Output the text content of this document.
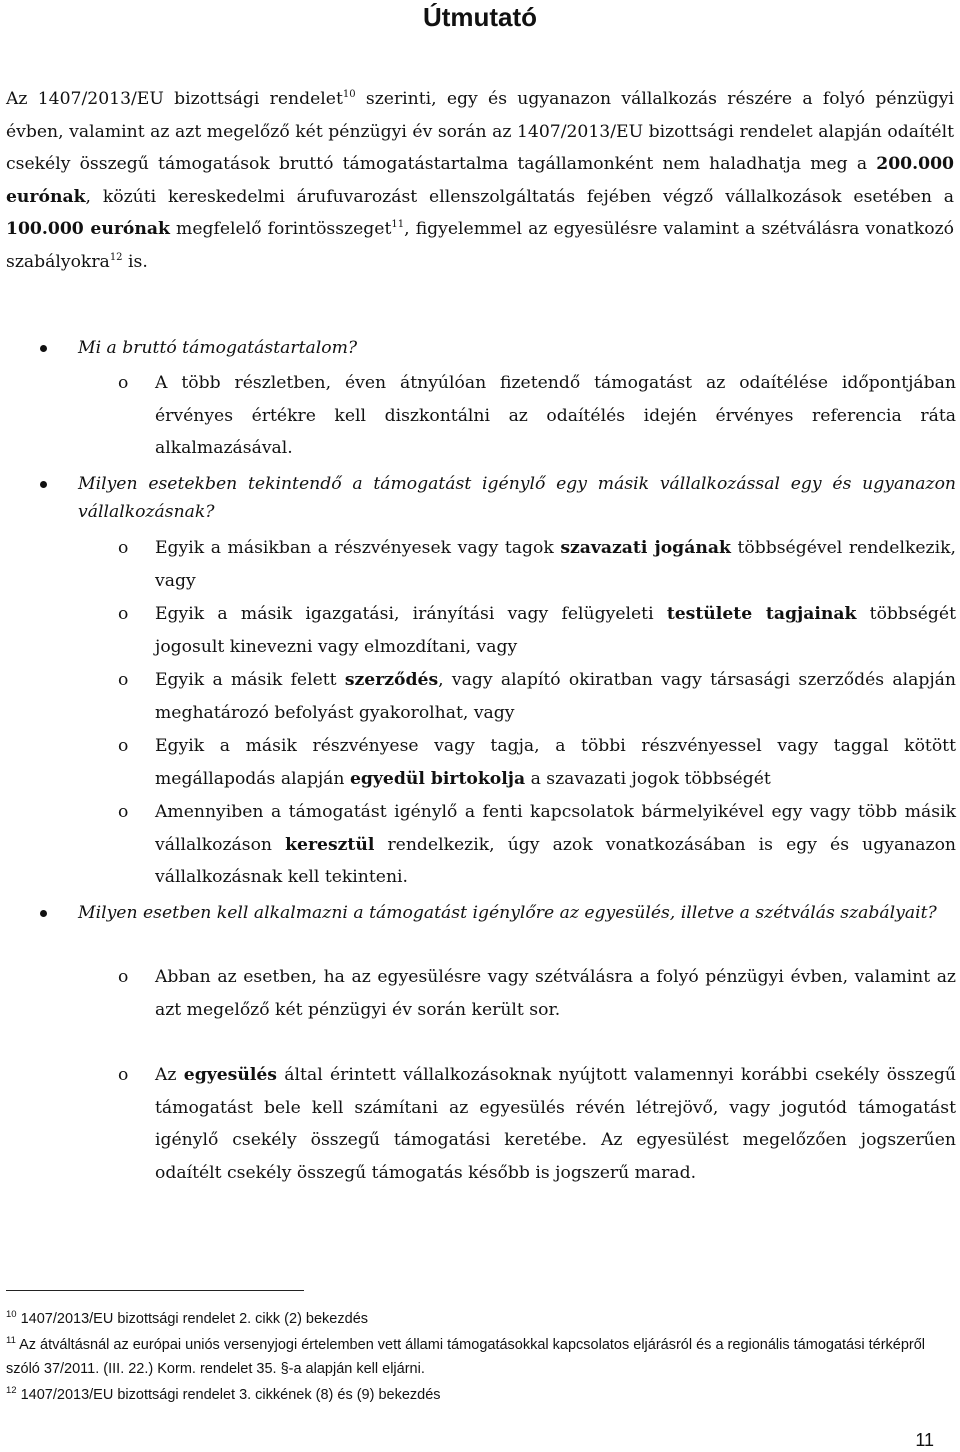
Útmutató

Az 1407/2013/EU bizottsági rendelet$^{10}$ szerinti, egy és ugyanazon vállalkozás részére a folyó pénzügyi évben, valamint az azt megelőző két pénzügyi év során az 1407/2013/EU bizottsági rendelet alapján odaítélt csekély összegű támogatások bruttó támogatástartalma tagállamonként nem haladhatja meg a 200.000 eurónak, közúti kereskedelmi árufuvarozást ellenszolgáltatás fejében végző vállalkozások esetében a 100.000 eurónak megfelelő forintösszeget$^{11}$, figyelemmel az egyesülésre valamint a szétválásra vonatkozó szabályokra$^{12}$ is.

Mi a bruttó támogatástartalom?

o A több részletben, éven átnyúlóan fizetendő támogatást az odaítélése időpontjában érvényes értékre kell diszkontálni az odaítélés idején érvényes referencia ráta alkalmazásával.

Milyen esetekben tekintendő a támogatást igénylő egy másik vállalkozással egy és ugyanazon vállalkozásnak?

o Egyik a másikban a részvényesek vagy tagok szavazati jogának többségével rendelkezik, vagy

o Egyik a másik igazgatási, irányítási vagy felügyeleti testülete tagjainak többségét jogosult kinevezni vagy elmozdítani, vagy

o Egyik a másik felett szerződés, vagy alapító okiratban vagy társasági szerződés alapján meghatározó befolyást gyakorolhat, vagy

o Egyik a másik részvényese vagy tagja, a többi részvényessel vagy taggal kötött megállapodás alapján egyedül birtokolja a szavazati jogok többségét

o Amennyiben a támogatást igénylő a fenti kapcsolatok bármelyikével egy vagy több másik vállalkozáson keresztül rendelkezik, úgy azok vonatkozásában is egy és ugyanazon vállalkozásnak kell tekinteni.

Milyen esetben kell alkalmazni a támogatást igénylőre az egyesülés, illetve a szétválás szabályait?

o Abban az esetben, ha az egyesülésre vagy szétválásra a folyó pénzügyi évben, valamint az azt megelőző két pénzügyi év során került sor.

o Az egyesülés által érintett vállalkozásoknak nyújtott valamennyi korábbi csekély összegű támogatást bele kell számítani az egyesülés révén létrejövő, vagy jogutód támogatást igénylő csekély összegű támogatási keretébe. Az egyesülést megelőzően jogszerűen odaítélt csekély összegű támogatás később is jogszerű marad.

$^{10}$ 1407/2013/EU bizottsági rendelet 2. cikk (2) bekezdés

$^{11}$ Az átváltásnál az európai uniós versenyjogi értelemben vett állami támogatásokkal kapcsolatos eljárásról és a regionális támogatási térképről szóló 37/2011. (III. 22.) Korm. rendelet 35. §-a alapján kell eljárni.

$^{12}$ 1407/2013/EU bizottsági rendelet 3. cikkének (8) és (9) bekezdés

11
